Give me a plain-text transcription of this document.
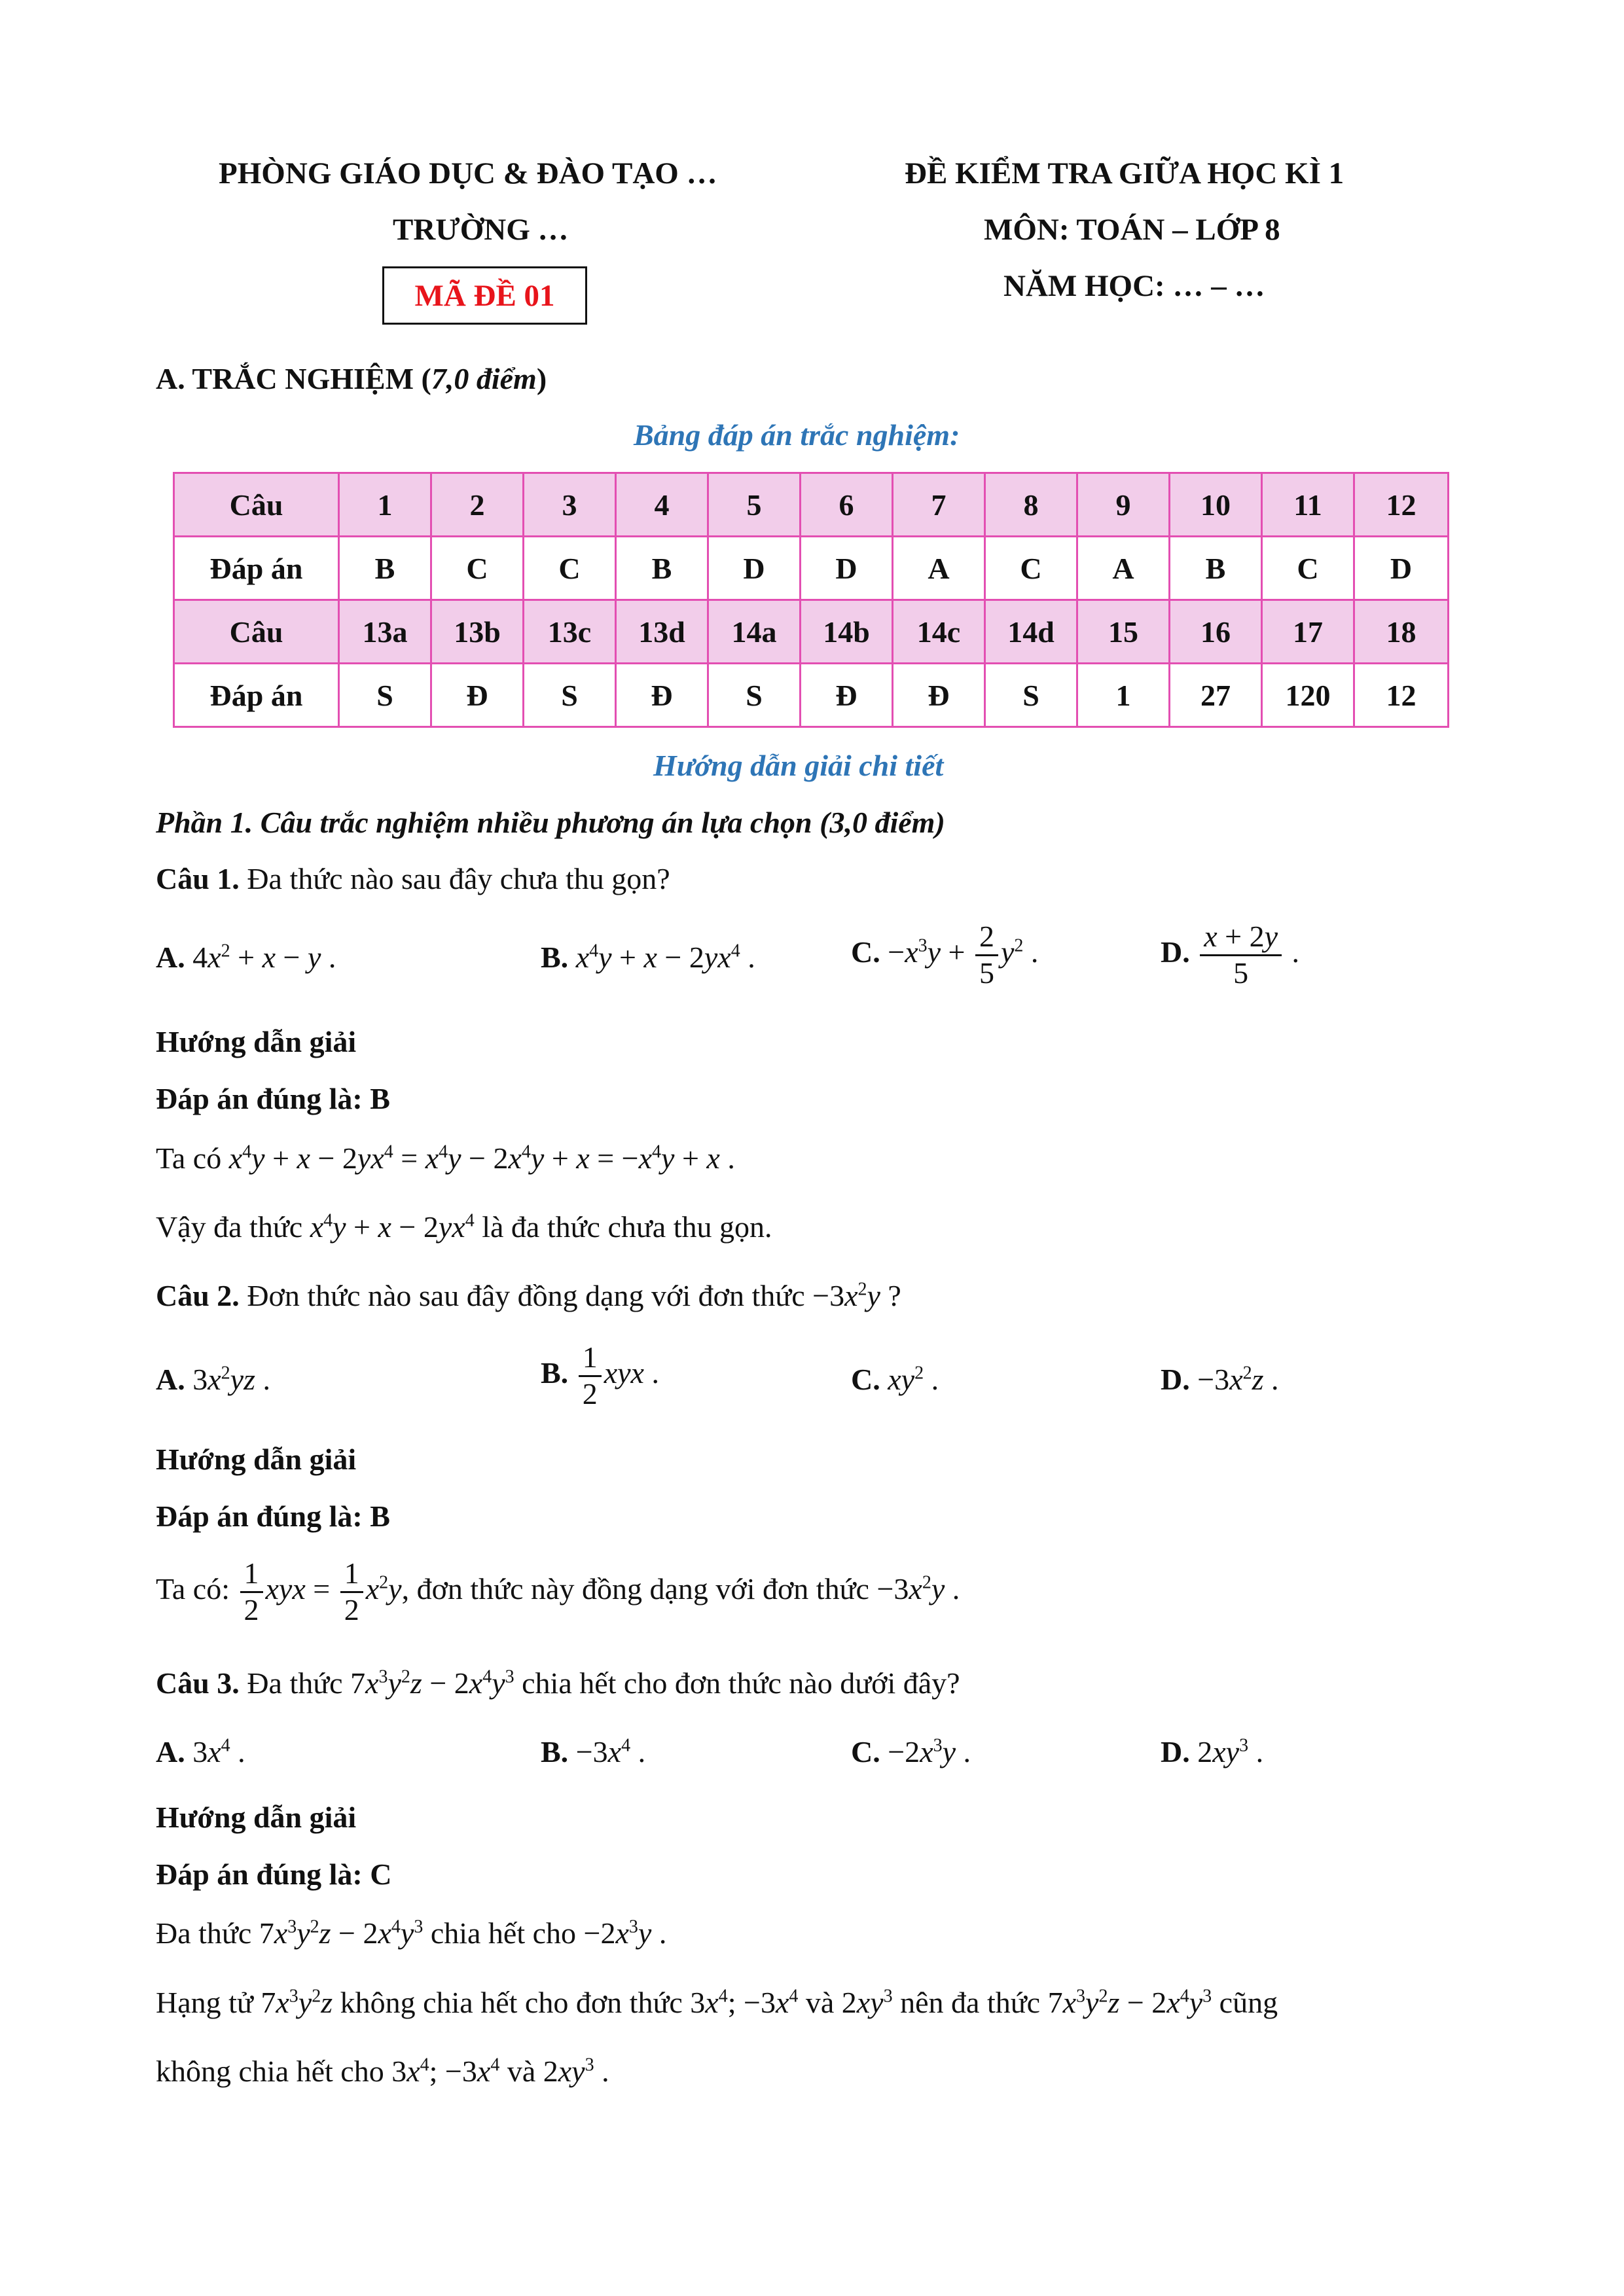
PHÒNG GIÁO DỤC & ĐÀO TẠO …
TRƯỜNG …
MÃ ĐỀ 01
ĐỀ KIỂM TRA GIỮA HỌC KÌ 1
MÔN: TOÁN – LỚP 8
NĂM HỌC: … – …
A. TRẮC NGHIỆM (7,0 điểm)
Bảng đáp án trắc nghiệm:
Câu	1	2	3	4	5	6	7	8	9	10	11	12
Đáp án	B	C	C	B	D	D	A	C	A	B	C	D
Câu	13a	13b	13c	13d	14a	14b	14c	14d	15	16	17	18
Đáp án	S	Đ	S	Đ	S	Đ	Đ	S	1	27	120	12
Hướng dẫn giải chi tiết
Phần 1. Câu trắc nghiệm nhiều phương án lựa chọn (3,0 điểm)
Câu 1. Đa thức nào sau đây chưa thu gọn?
A. $4x^2 + x - y$ .	B. $x^4y + x - 2yx^4$ .	C. $-x^3y + \frac{2}{5} y^2$ .	D. $\frac{x + 2y}{5}$ .
Hướng dẫn giải
Đáp án đúng là: B
Ta có $x^4y + x - 2yx^4 = x^4y - 2x^4y + x = -x^4y + x$ .
Vậy đa thức $x^4y + x - 2yx^4$ là đa thức chưa thu gọn.
Câu 2. Đơn thức nào sau đây đồng dạng với đơn thức $-3x^2y$ ?
A. $3x^2yz$ .	B. $\frac{1}{2}$ xyx .	C. $xy^2$ .	D. $-3x^2z$ .
Hướng dẫn giải
Đáp án đúng là: B
Ta có: $\frac{1}{2}$ xyx = $\frac{1}{2} x^2y$, đơn thức này đồng dạng với đơn thức $-3x^2y$ .
Câu 3. Đa thức $7x^3y^2z - 2x^4y^3$ chia hết cho đơn thức nào dưới đây?
A. $3x^4$ .	B. $-3x^4$ .	C. $-2x^3y$ .	D. $2xy^3$ .
Hướng dẫn giải
Đáp án đúng là: C
Đa thức $7x^3y^2z - 2x^4y^3$ chia hết cho $-2x^3y$ .
Hạng tử $7x^3y^2z$ không chia hết cho đơn thức $3x^4$; $-3x^4$ và $2xy^3$ nên đa thức $7x^3y^2z - 2x^4y^3$ cũng
không chia hết cho $3x^4$; $-3x^4$ và $2xy^3$ .
